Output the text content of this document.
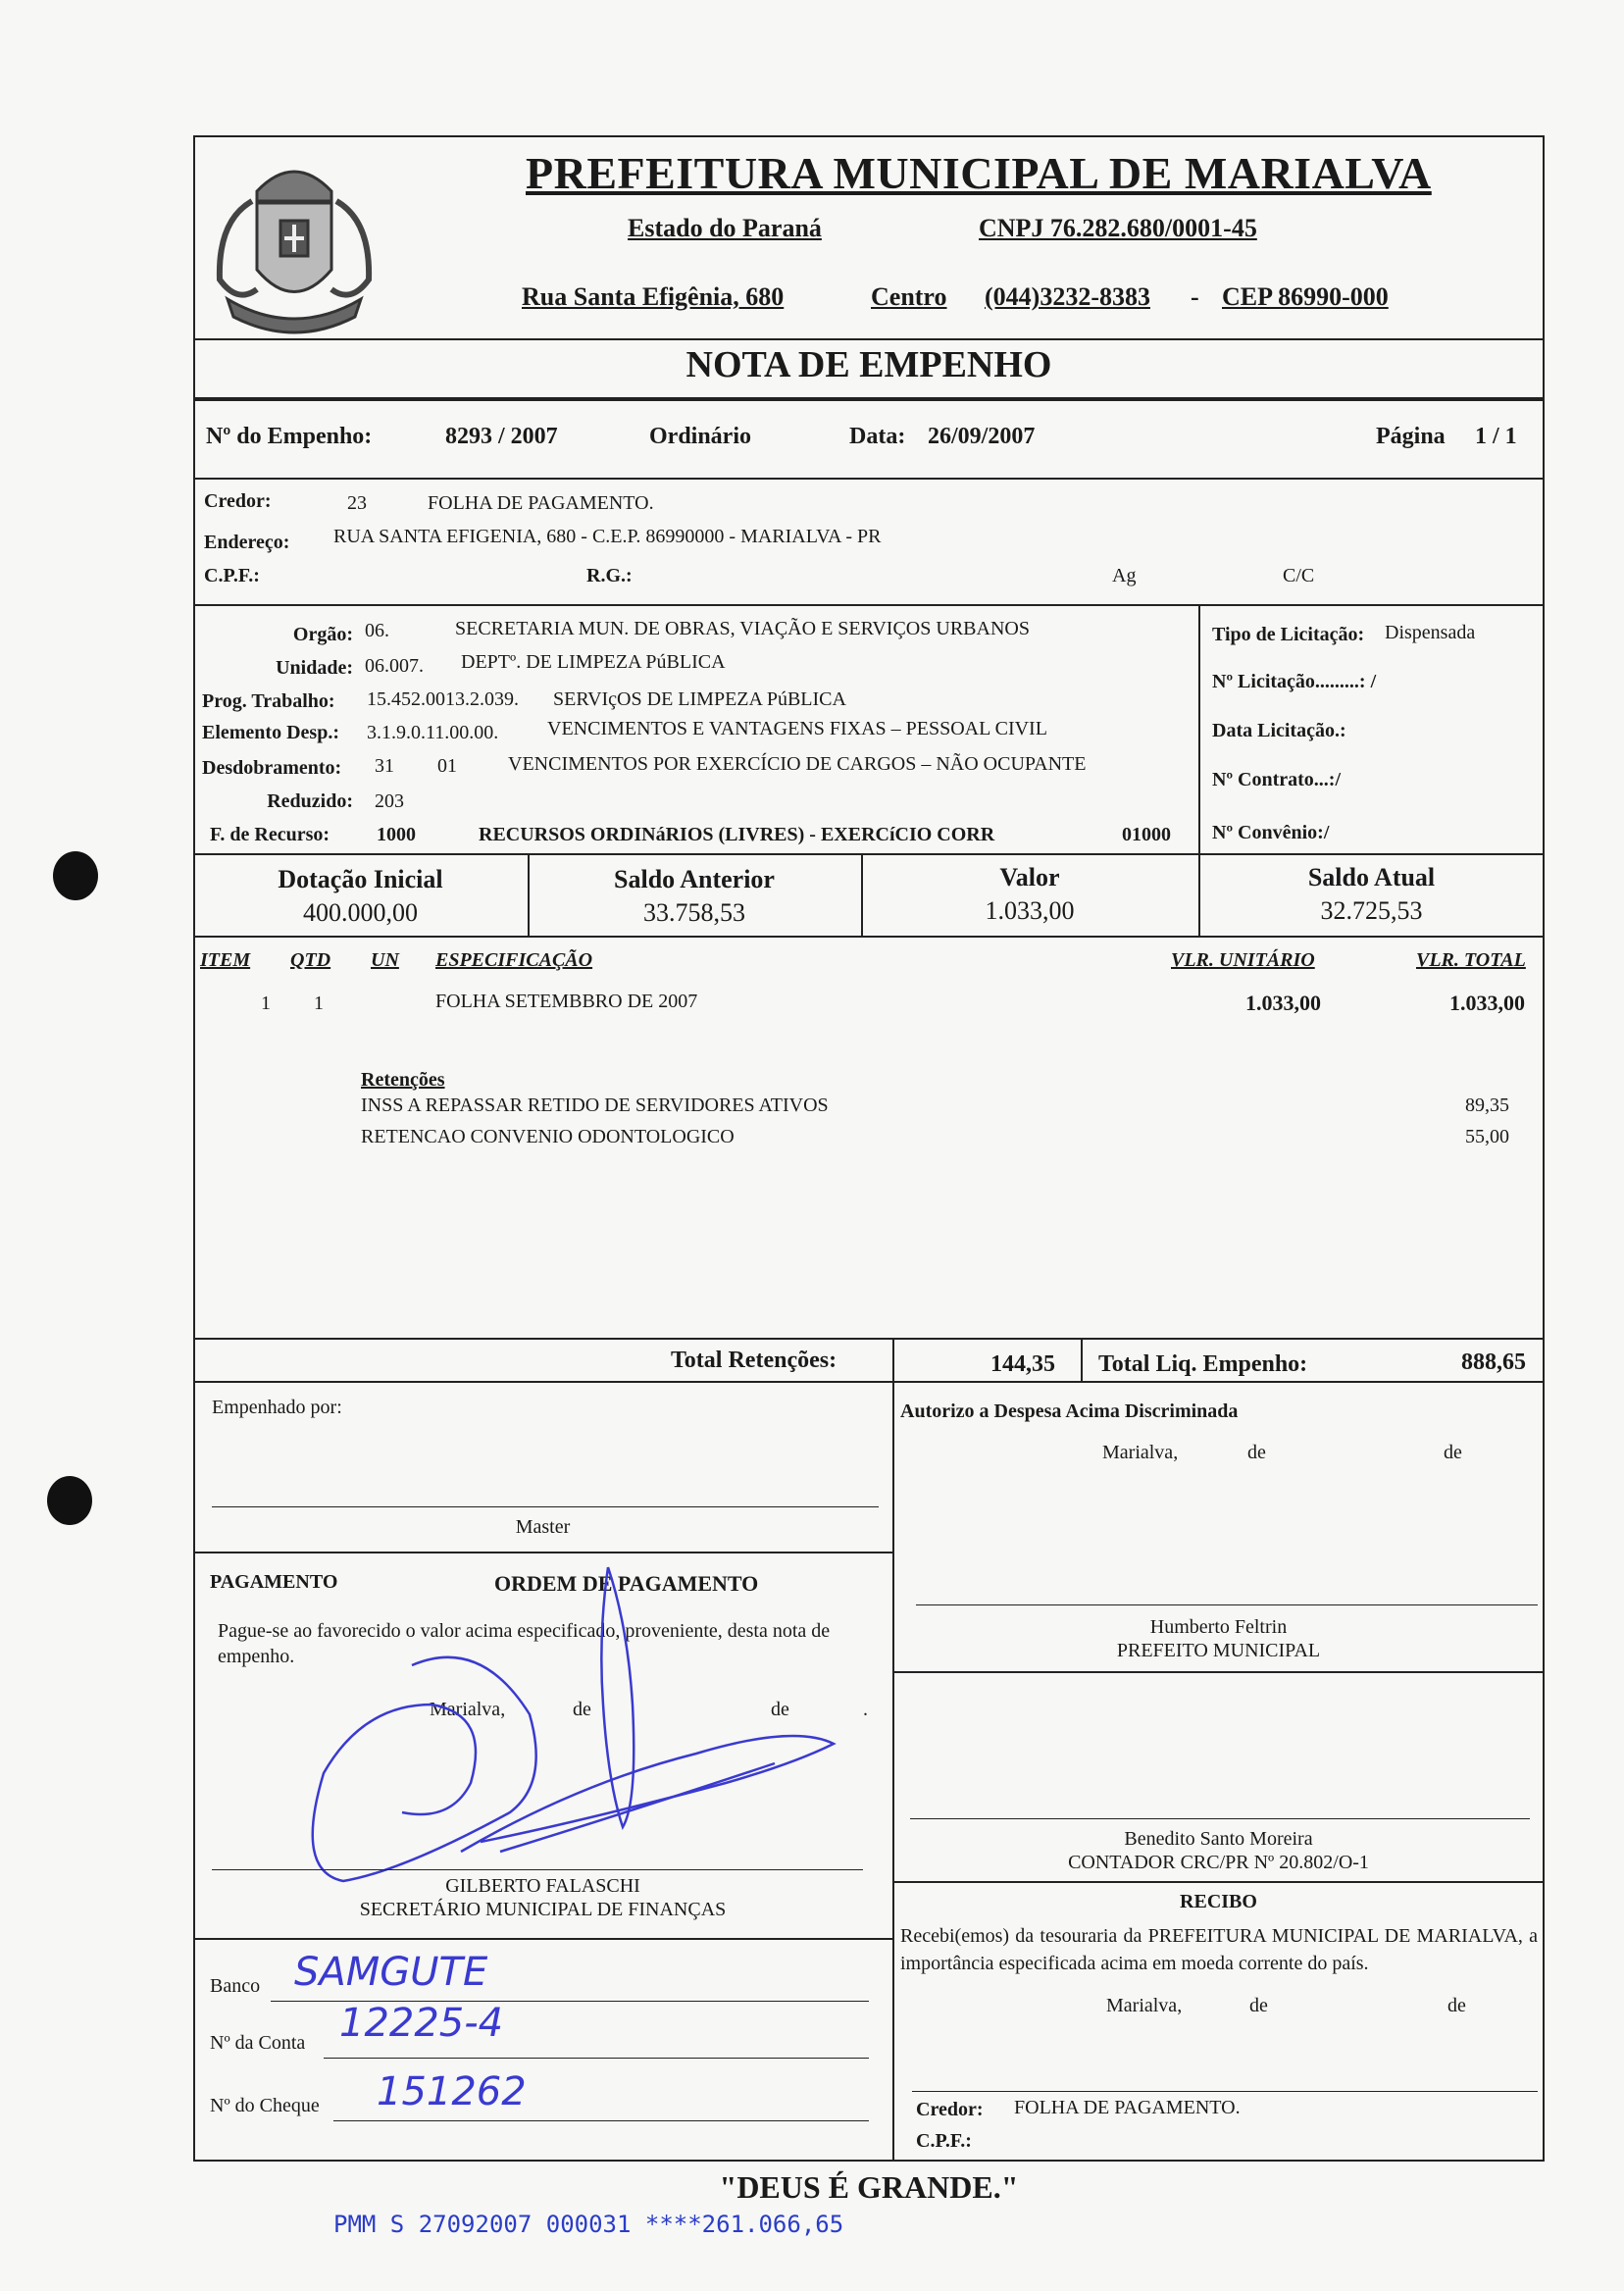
PREFEITURA MUNICIPAL DE MARIALVA
Estado do Paraná	CNPJ 76.282.680/0001-45
Rua Santa Efigênia, 680	Centro (044)3232-8383 - CEP 86990-000
NOTA DE EMPENHO
Nº do Empenho:	8293 / 2007	Ordinário	Data: 26/09/2007	Página 1 / 1
Credor:	23	FOLHA DE PAGAMENTO.
Endereço: RUA SANTA EFIGENIA, 680 - C.E.P. 86990000 - MARIALVA - PR
C.P.F.:	R.G.:	Ag	C/C
Orgão: 06.	SECRETARIA MUN. DE OBRAS, VIAÇÃO E SERVIÇOS URBANOS
Unidade: 06.007. DEPTº. DE LIMPEZA PúBLICA
Prog. Trabalho: 15.452.0013.2.039. SERVIçOS DE LIMPEZA PúBLICA
Elemento Desp.: 3.1.9.0.11.00.00. VENCIMENTOS E VANTAGENS FIXAS – PESSOAL CIVIL
Desdobramento: 31 01	VENCIMENTOS POR EXERCÍCIO DE CARGOS – NÃO OCUPANTE
Reduzido: 203
F. de Recurso: 1000	RECURSOS ORDINáRIOS (LIVRES) - EXERCíCIO CORR	01000
Tipo de Licitação: Dispensada
Nº Licitação.........: /
Data Licitação.:
Nº Contrato...:/
Nº Convênio:/
Dotação Inicial
400.000,00
Saldo Anterior
33.758,53
Valor
1.033,00
Saldo Atual
32.725,53
ITEM QTD UN ESPECIFICAÇÃO	VLR. UNITÁRIO	VLR. TOTAL
1 1	FOLHA SETEMBBRO DE 2007	1.033,00	1.033,00
Retenções
INSS A REPASSAR RETIDO DE SERVIDORES ATIVOS	89,35
RETENCAO CONVENIO ODONTOLOGICO	55,00
Total Retenções:	144,35 Total Liq. Empenho:	888,65
Empenhado por:
Master
PAGAMENTO	ORDEM DE PAGAMENTO
Pague-se ao favorecido o valor acima especificado, proveniente, desta nota de empenho.
Marialva,	de	de	.
GILBERTO FALASCHI
SECRETÁRIO MUNICIPAL DE FINANÇAS
Banco SAMGUTE
Nº da Conta 12225-4
Nº do Cheque 151262
Autorizo a Despesa Acima Discriminada
Marialva,	de	de
Humberto Feltrin
PREFEITO MUNICIPAL
Benedito Santo Moreira
CONTADOR CRC/PR Nº 20.802/O-1
RECIBO
Recebi(emos) da tesouraria da PREFEITURA MUNICIPAL DE MARIALVA, a importância especificada acima em moeda corrente do país.
Marialva,	de	de
Credor: FOLHA DE PAGAMENTO.
C.P.F.:
"DEUS É GRANDE."
PMM S 27092007 000031 ****261.066,65
